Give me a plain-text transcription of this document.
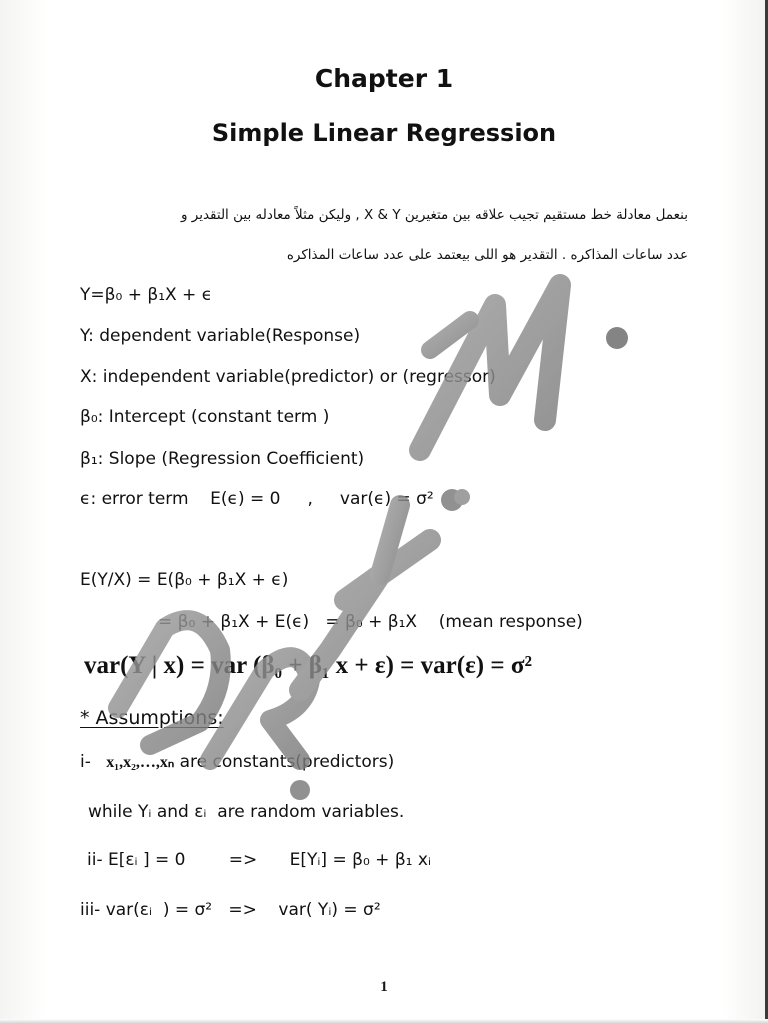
Chapter 1
Simple Linear Regression
بنعمل معادلة خط مستقيم تجيب علاقه بين متغيرين X & Y , وليكن مثلاً معادله بين التقدير و
عدد ساعات المذاكره . التقدير هو اللى بيعتمد على عدد ساعات المذاكره
Y=β₀ + β₁X + ϵ
Y: dependent variable(Response)
X: independent variable(predictor) or (regressor)
β₀: Intercept (constant term )
β₁: Slope (Regression Coefficient)
ϵ: error term    E(ϵ) = 0     ,     var(ϵ) = σ²
E(Y/X) = E(β₀ + β₁X + ϵ)
= β₀ + β₁X + E(ϵ)   = β₀ + β₁X    (mean response)
var(Y | x) = var (β₀ + β₁ x + ε) = var(ε) = σ²
* Assumptions:
i- x₁,x₂,…,xₙ are constants(predictors)
while Yᵢ and εᵢ  are random variables.
ii- E[εᵢ ] = 0        =>      E[Yᵢ] = β₀ + β₁ xᵢ
iii- var(εᵢ  ) = σ²   =>    var( Yᵢ) = σ²
1
